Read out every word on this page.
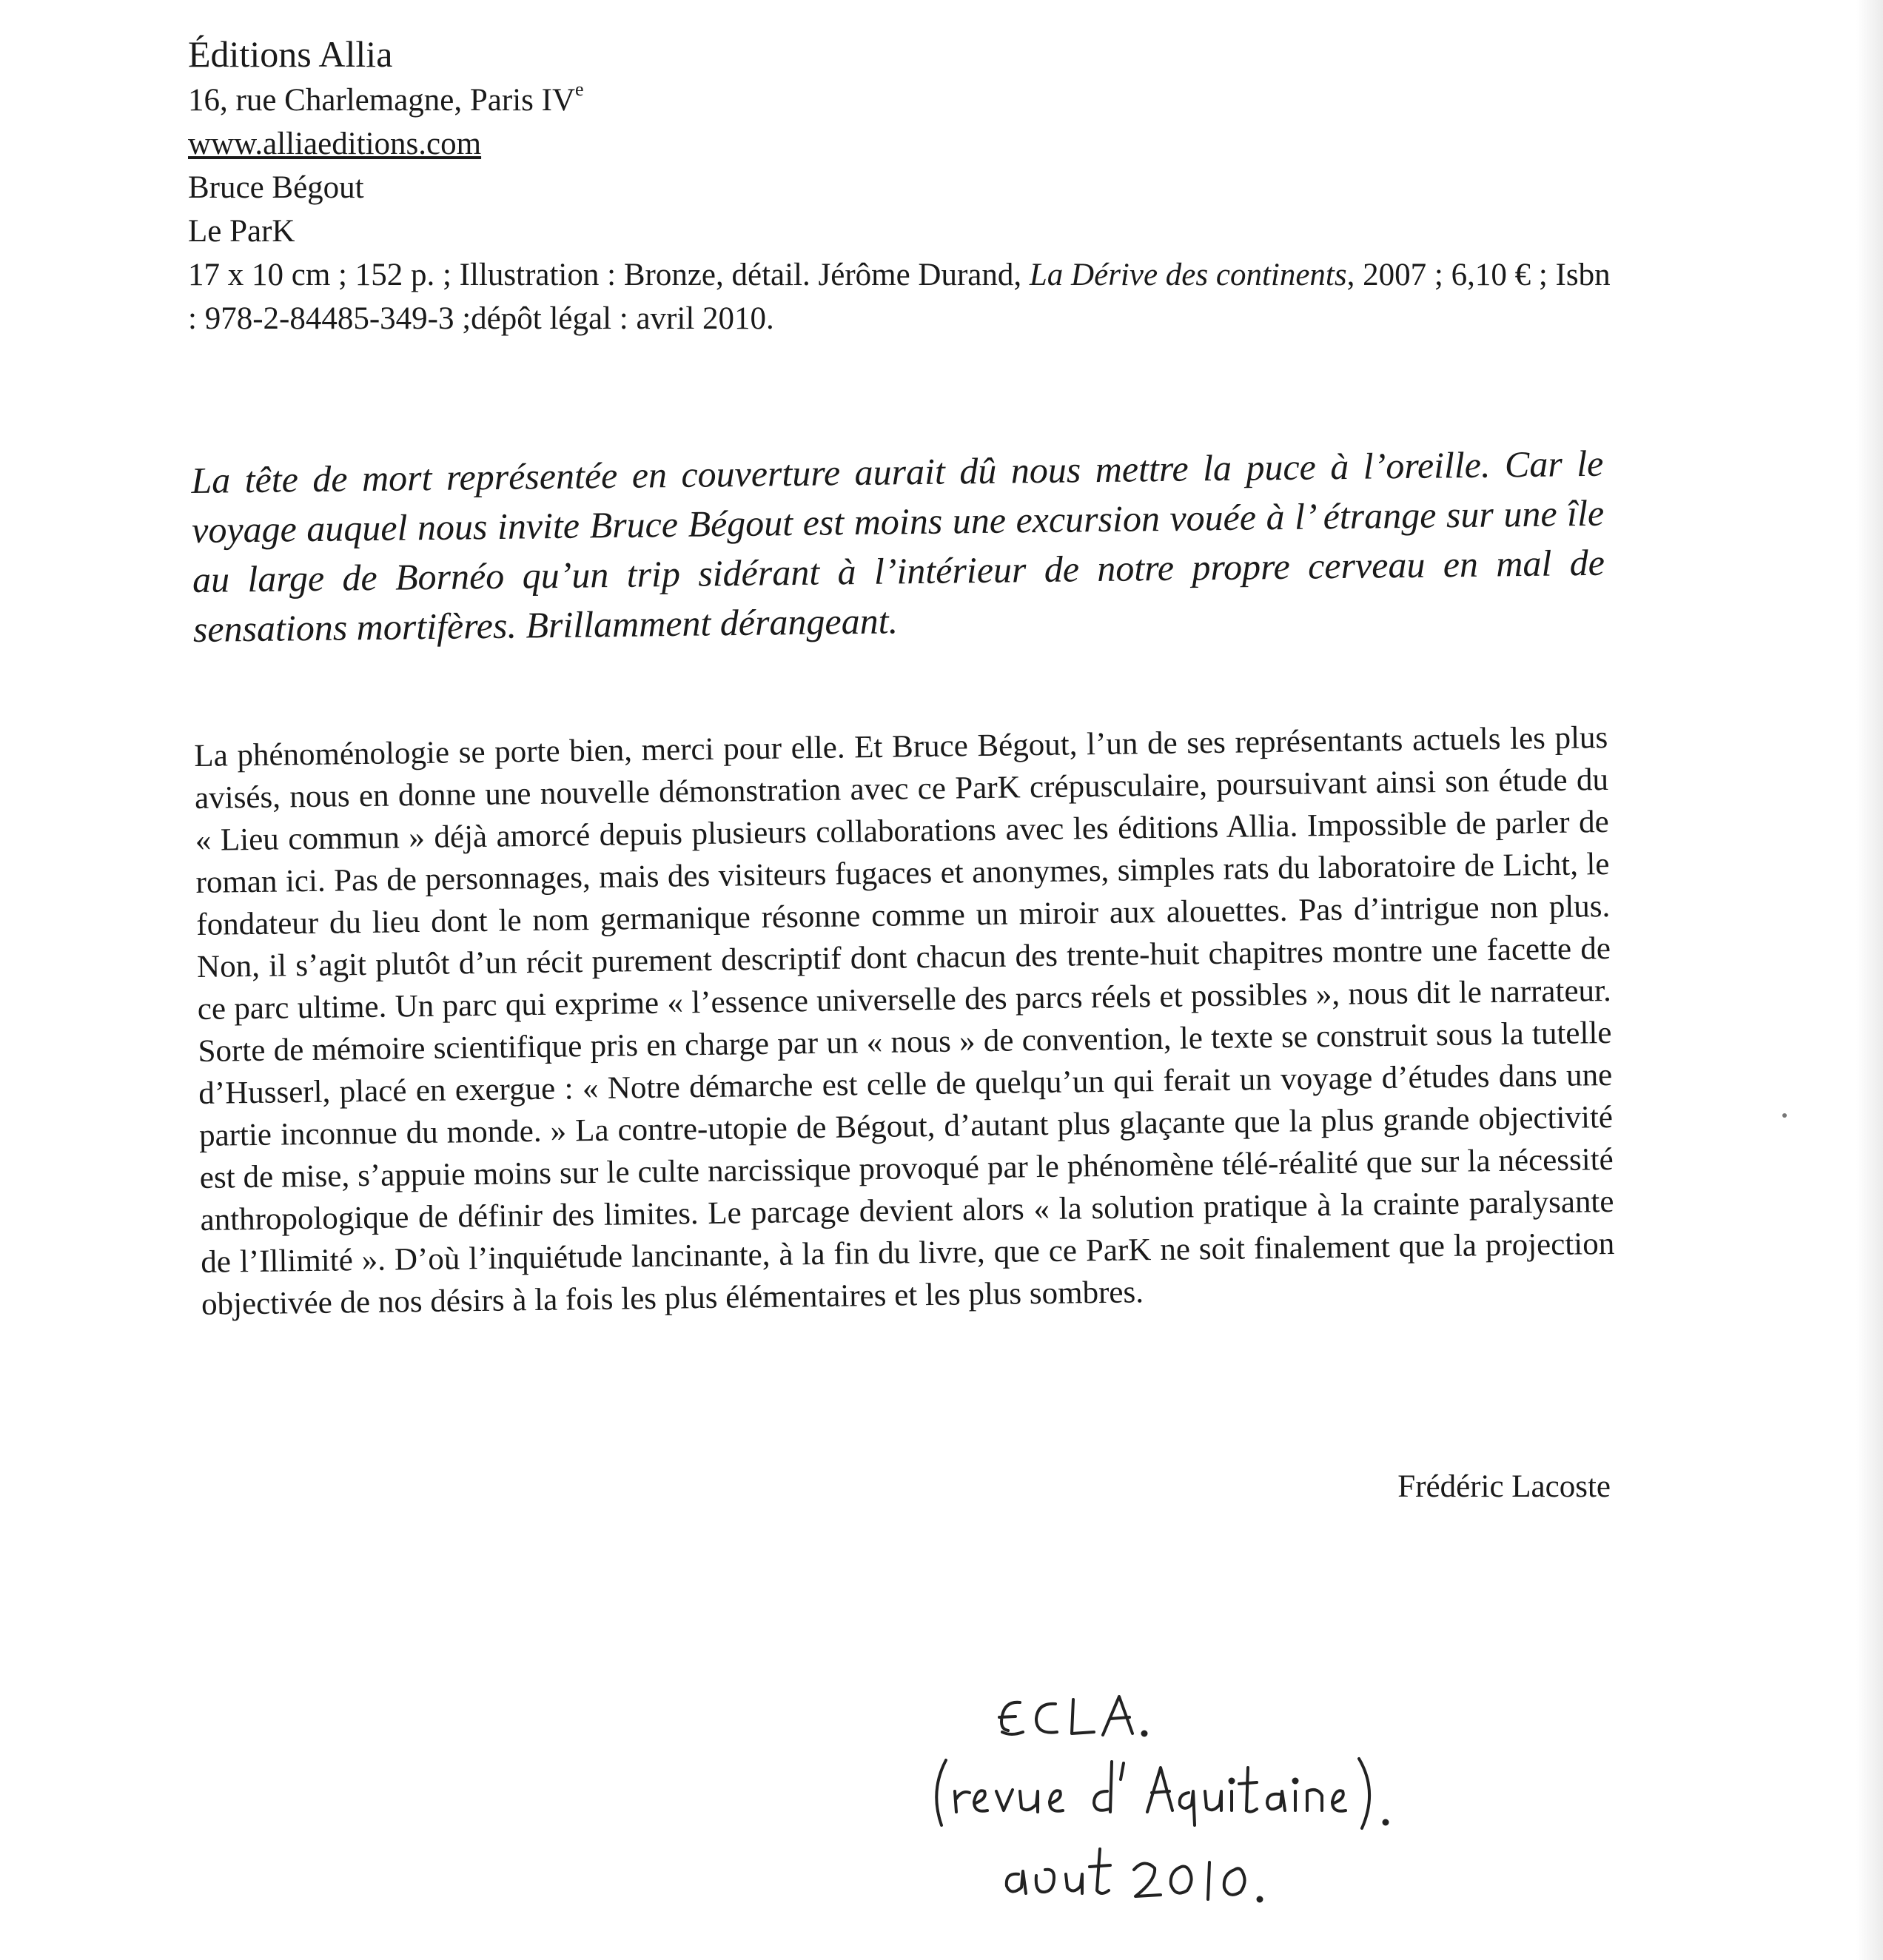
Éditions Allia
16, rue Charlemagne, Paris IVe
www.alliaeditions.com
Bruce Bégout
Le ParK
17 x 10 cm ; 152 p. ; Illustration : Bronze, détail. Jérôme Durand, La Dérive des continents, 2007 ; 6,10 € ; Isbn : 978-2-84485-349-3 ;dépôt légal : avril 2010.

La tête de mort représentée en couverture aurait dû nous mettre la puce à l’oreille. Car le voyage auquel nous invite Bruce Bégout est moins une excursion vouée à l’ étrange sur une île au large de Bornéo qu’un trip sidérant à l’intérieur de notre propre cerveau en mal de sensations mortifères. Brillamment dérangeant.

La phénoménologie se porte bien, merci pour elle. Et Bruce Bégout, l’un de ses représentants actuels les plus avisés, nous en donne une nouvelle démonstration avec ce ParK crépusculaire, poursuivant ainsi son étude du « Lieu commun » déjà amorcé depuis plusieurs collaborations avec les éditions Allia. Impossible de parler de roman ici. Pas de personnages, mais des visiteurs fugaces et anonymes, simples rats du laboratoire de Licht, le fondateur du lieu dont le nom germanique résonne comme un miroir aux alouettes. Pas d’intrigue non plus. Non, il s’agit plutôt d’un récit purement descriptif dont chacun des trente-huit chapitres montre une facette de ce parc ultime. Un parc qui exprime « l’essence universelle des parcs réels et possibles », nous dit le narrateur. Sorte de mémoire scientifique pris en charge par un « nous » de convention, le texte se construit sous la tutelle d’Husserl, placé en exergue : « Notre démarche est celle de quelqu’un qui ferait un voyage d’études dans une partie inconnue du monde. » La contre-utopie de Bégout, d’autant plus glaçante que la plus grande objectivité est de mise, s’appuie moins sur le culte narcissique provoqué par le phénomène télé-réalité que sur la nécessité anthropologique de définir des limites. Le parcage devient alors « la solution pratique à la crainte paralysante de l’Illimité ». D’où l’inquiétude lancinante, à la fin du livre, que ce ParK ne soit finalement que la projection objectivée de nos désirs à la fois les plus élémentaires et les plus sombres.

Frédéric Lacoste
